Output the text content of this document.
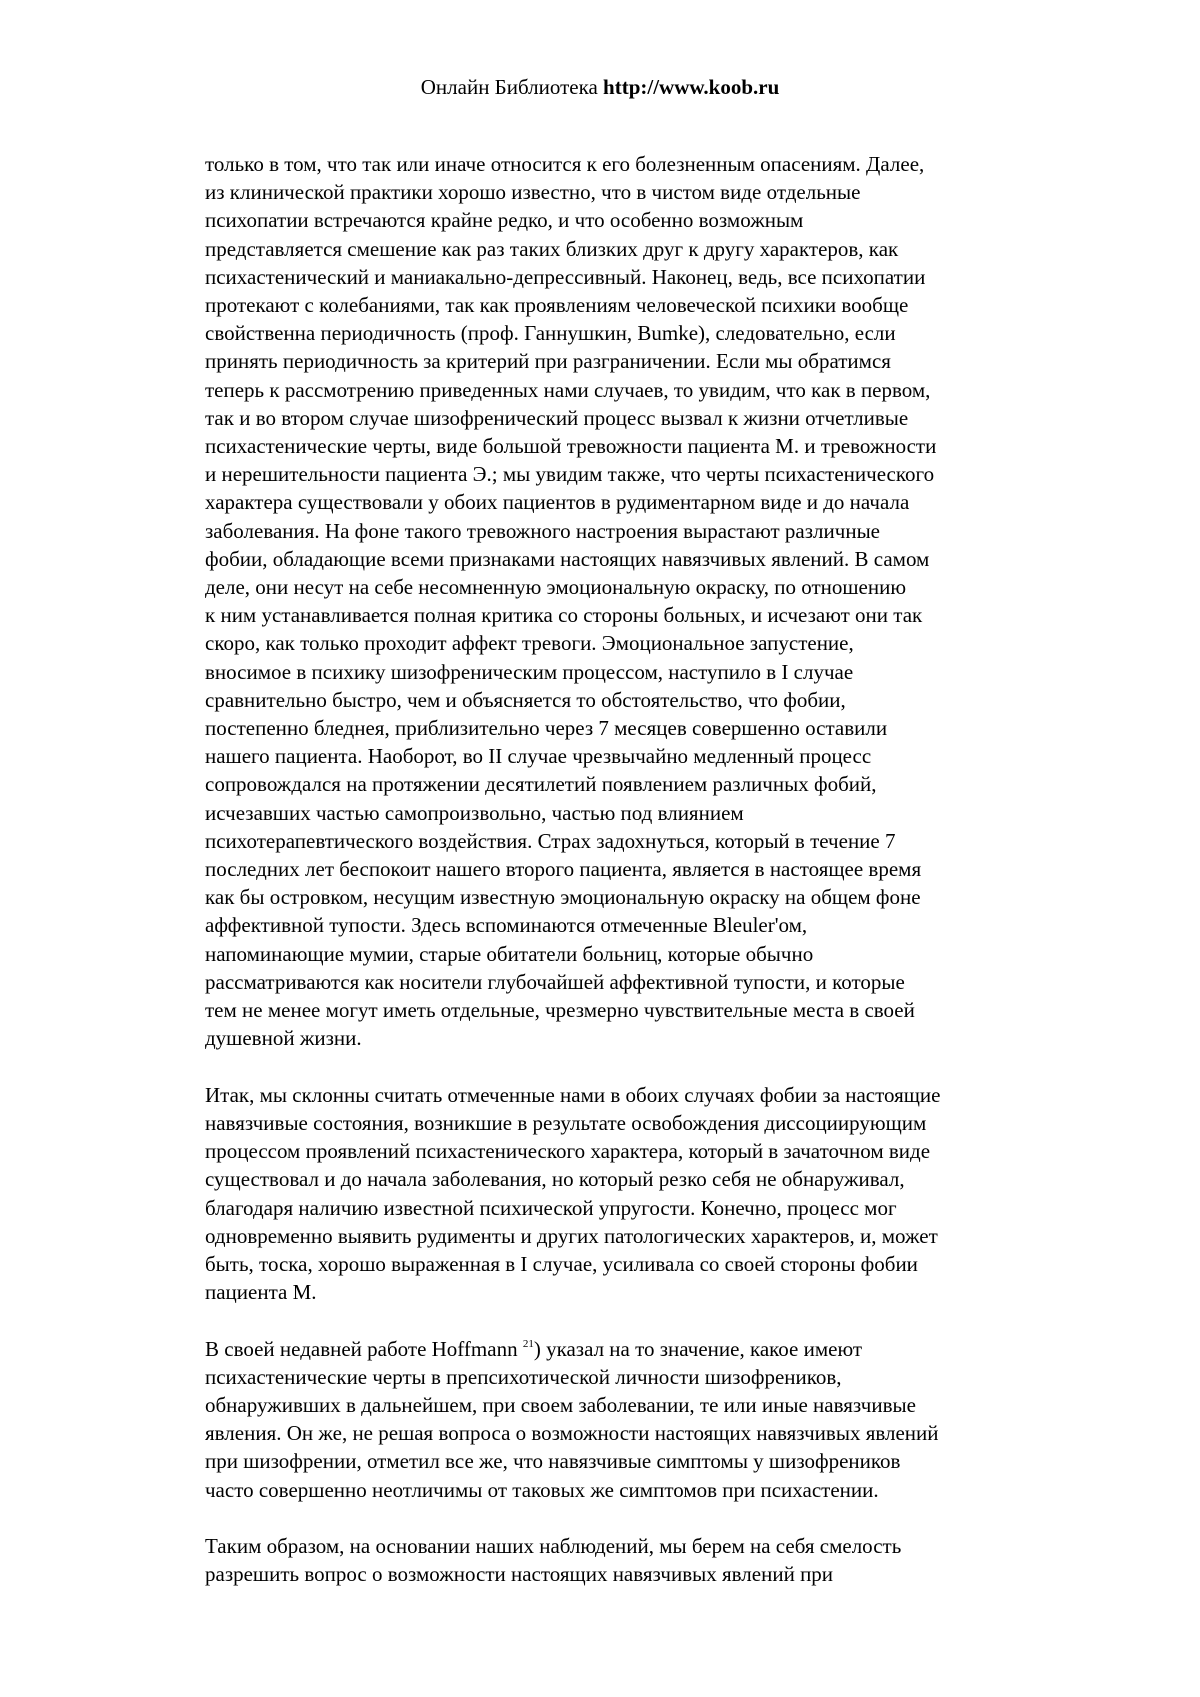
Онлайн Библиотека http://www.koob.ru
только в том, что так или иначе относится к его болезненным опасениям. Далее,
из клинической практики хорошо известно, что в чистом виде отдельные
психопатии встречаются крайне редко, и что особенно возможным
представляется смешение как раз таких близких друг к другу характеров, как
психастенический и маниакально-депрессивный. Наконец, ведь, все психопатии
протекают с колебаниями, так как проявлениям человеческой психики вообще
свойственна периодичность (проф. Ганнушкин, Bumke), следовательно, если
принять периодичность за критерий при разграничении. Если мы обратимся
теперь к рассмотрению приведенных нами случаев, то увидим, что как в первом,
так и во втором случае шизофренический процесс вызвал к жизни отчетливые
психастенические черты, виде большой тревожности пациента М. и тревожности
и нерешительности пациента Э.; мы увидим также, что черты психастенического
характера существовали у обоих пациентов в рудиментарном виде и до начала
заболевания. На фоне такого тревожного настроения вырастают различные
фобии, обладающие всеми признаками настоящих навязчивых явлений. В самом
деле, они несут на себе несомненную эмоциональную окраску, по отношению
к ним устанавливается полная критика со стороны больных, и исчезают они так
скоро, как только проходит аффект тревоги. Эмоциональное запустение,
вносимое в психику шизофреническим процессом, наступило в I случае
сравнительно быстро, чем и объясняется то обстоятельство, что фобии,
постепенно бледнея, приблизительно через 7 месяцев совершенно оставили
нашего пациента. Наоборот, во II случае чрезвычайно медленный процесс
сопровождался на протяжении десятилетий появлением различных фобий,
исчезавших частью самопроизвольно, частью под влиянием
психотерапевтического воздействия. Страх задохнуться, который в течение 7
последних лет беспокоит нашего второго пациента, является в настоящее время
как бы островком, несущим известную эмоциональную окраску на общем фоне
аффективной тупости. Здесь вспоминаются отмеченные Bleuler'ом,
напоминающие мумии, старые обитатели больниц, которые обычно
рассматриваются как носители глубочайшей аффективной тупости, и которые
тем не менее могут иметь отдельные, чрезмерно чувствительные места в своей
душевной жизни.
Итак, мы склонны считать отмеченные нами в обоих случаях фобии за настоящие
навязчивые состояния, возникшие в результате освобождения диссоциирующим
процессом проявлений психастенического характера, который в зачаточном виде
существовал и до начала заболевания, но который резко себя не обнаруживал,
благодаря наличию известной психической упругости. Конечно, процесс мог
одновременно выявить рудименты и других патологических характеров, и, может
быть, тоска, хорошо выраженная в I случае, усиливала со своей стороны фобии
пациента М.
В своей недавней работе Hoffmann $^{21}$) указал на то значение, какое имеют
психастенические черты в препсихотической личности шизофреников,
обнаруживших в дальнейшем, при своем заболевании, те или иные навязчивые
явления. Он же, не решая вопроса о возможности настоящих навязчивых явлений
при шизофрении, отметил все же, что навязчивые симптомы у шизофреников
часто совершенно неотличимы от таковых же симптомов при психастении.
Таким образом, на основании наших наблюдений, мы берем на себя смелость
разрешить вопрос о возможности настоящих навязчивых явлений при
